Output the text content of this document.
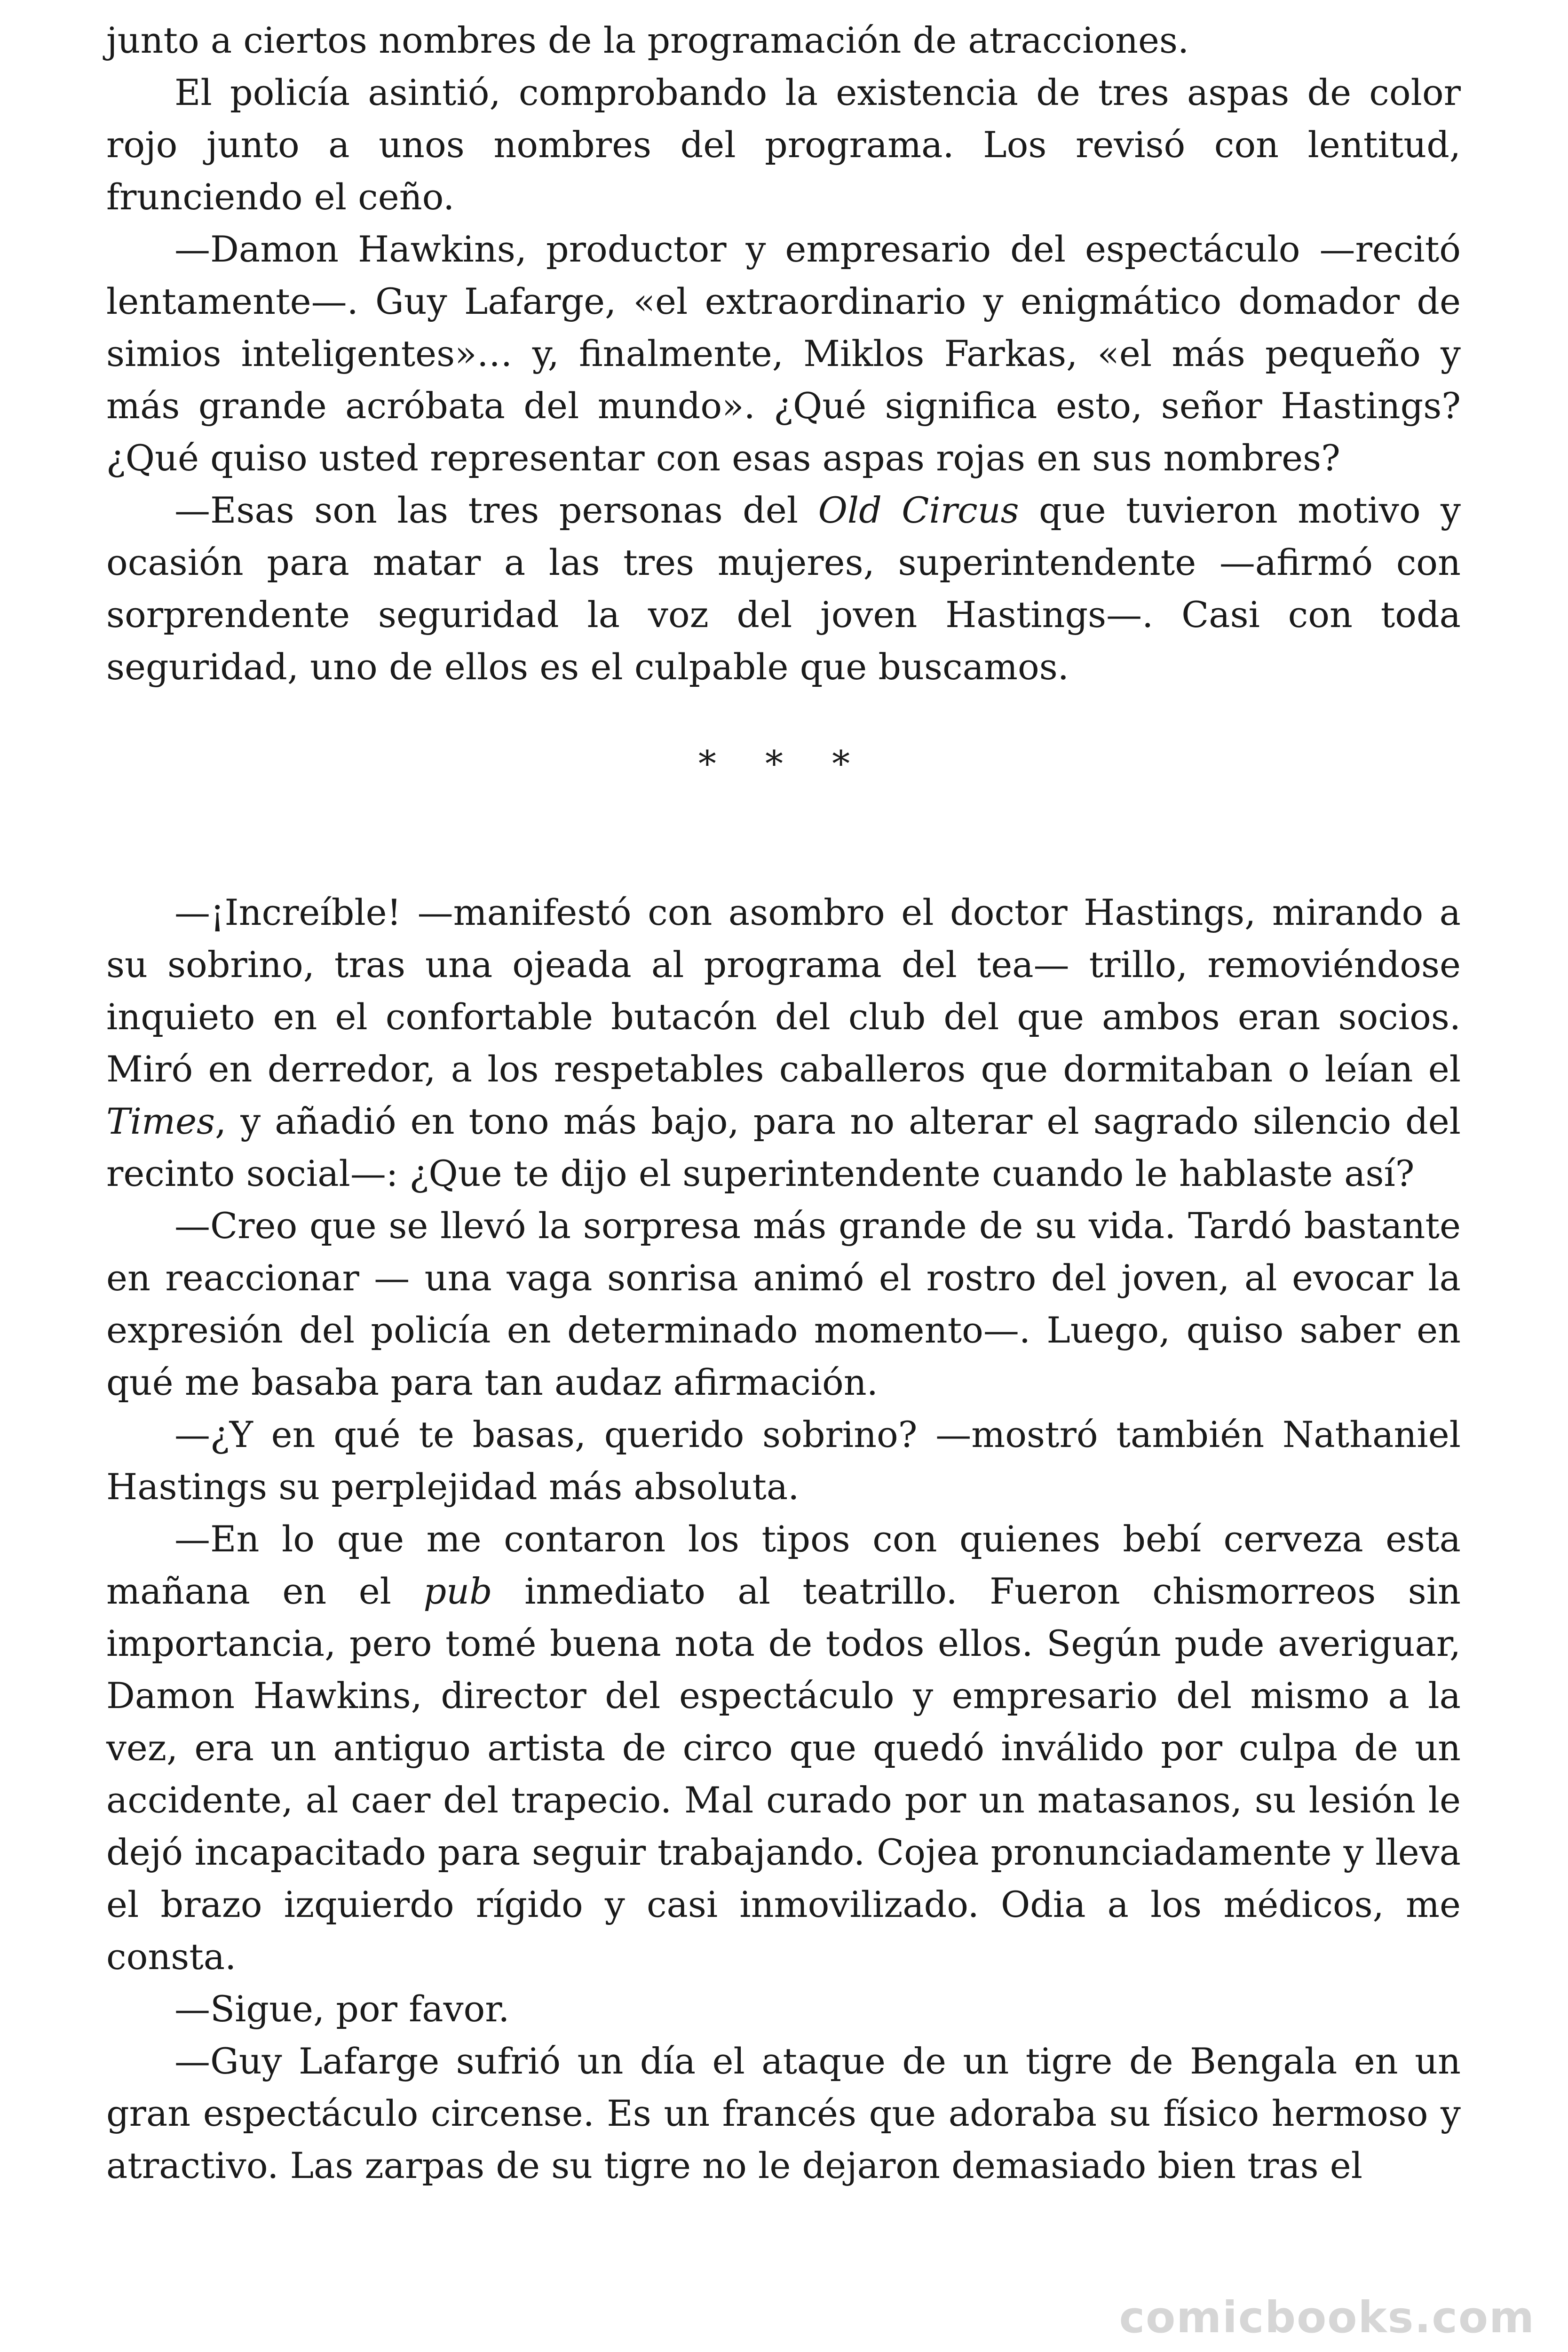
junto a ciertos nombres de la programación de atracciones.

El policía asintió, comprobando la existencia de tres aspas de color rojo junto a unos nombres del programa. Los revisó con lentitud, frunciendo el ceño.

—Damon Hawkins, productor y empresario del espectáculo —recitó lentamente—. Guy Lafarge, «el extraordinario y enigmático domador de simios inteligentes»… y, finalmente, Miklos Farkas, «el más pequeño y más grande acróbata del mundo». ¿Qué significa esto, señor Hastings? ¿Qué quiso usted representar con esas aspas rojas en sus nombres?

—Esas son las tres personas del Old Circus que tuvieron motivo y ocasión para matar a las tres mujeres, superintendente —afirmó con sorprendente seguridad la voz del joven Hastings—. Casi con toda seguridad, uno de ellos es el culpable que buscamos.

* * *

—¡Increíble! —manifestó con asombro el doctor Hastings, mirando a su sobrino, tras una ojeada al programa del tea— trillo, removiéndose inquieto en el confortable butacón del club del que ambos eran socios. Miró en derredor, a los respetables caballeros que dormitaban o leían el Times, y añadió en tono más bajo, para no alterar el sagrado silencio del recinto social—: ¿Que te dijo el superintendente cuando le hablaste así?

—Creo que se llevó la sorpresa más grande de su vida. Tardó bastante en reaccionar — una vaga sonrisa animó el rostro del joven, al evocar la expresión del policía en determinado momento—. Luego, quiso saber en qué me basaba para tan audaz afirmación.

—¿Y en qué te basas, querido sobrino? —mostró también Nathaniel Hastings su perplejidad más absoluta.

—En lo que me contaron los tipos con quienes bebí cerveza esta mañana en el pub inmediato al teatrillo. Fueron chismorreos sin importancia, pero tomé buena nota de todos ellos. Según pude averiguar, Damon Hawkins, director del espectáculo y empresario del mismo a la vez, era un antiguo artista de circo que quedó inválido por culpa de un accidente, al caer del trapecio. Mal curado por un matasanos, su lesión le dejó incapacitado para seguir trabajando. Cojea pronunciadamente y lleva el brazo izquierdo rígido y casi inmovilizado. Odia a los médicos, me consta.

—Sigue, por favor.

—Guy Lafarge sufrió un día el ataque de un tigre de Bengala en un gran espectáculo circense. Es un francés que adoraba su físico hermoso y atractivo. Las zarpas de su tigre no le dejaron demasiado bien tras el

comicbooks.com
